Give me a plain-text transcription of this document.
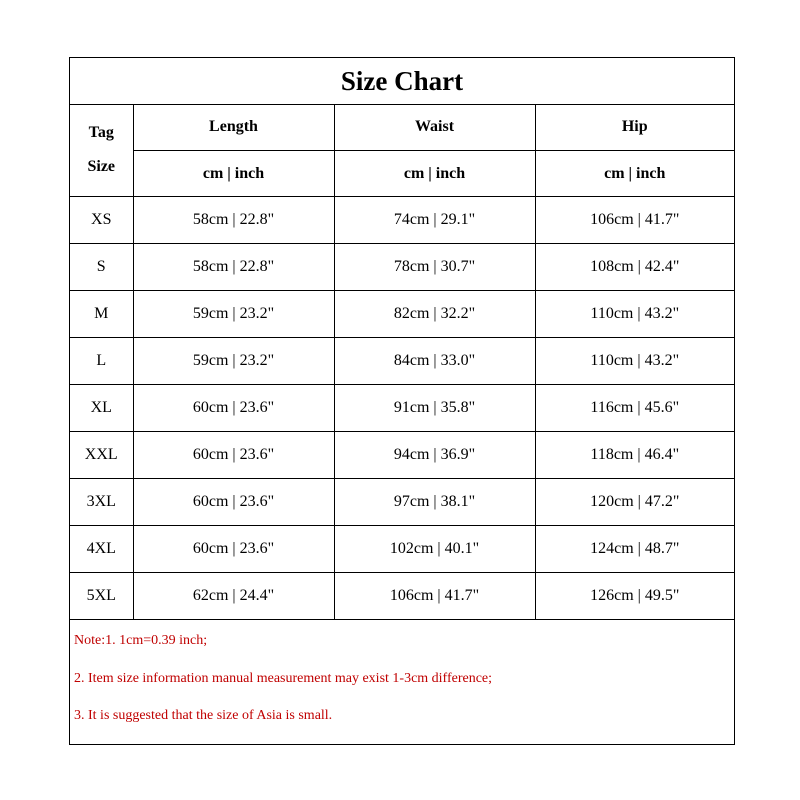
Size Chart
Tag
Size	Length	Waist	Hip
	cm | inch	cm | inch	cm | inch
XS	58cm | 22.8"	74cm | 29.1"	106cm | 41.7"
S	58cm | 22.8"	78cm | 30.7"	108cm | 42.4"
M	59cm | 23.2"	82cm | 32.2"	110cm | 43.2"
L	59cm | 23.2"	84cm | 33.0"	110cm | 43.2"
XL	60cm | 23.6"	91cm | 35.8"	116cm | 45.6"
XXL	60cm | 23.6"	94cm | 36.9"	118cm | 46.4"
3XL	60cm | 23.6"	97cm | 38.1"	120cm | 47.2"
4XL	60cm | 23.6"	102cm | 40.1"	124cm | 48.7"
5XL	62cm | 24.4"	106cm | 41.7"	126cm | 49.5"
Note:1. 1cm=0.39 inch;
2. Item size information manual measurement may exist 1-3cm difference;
3. It is suggested that the size of Asia is small.
